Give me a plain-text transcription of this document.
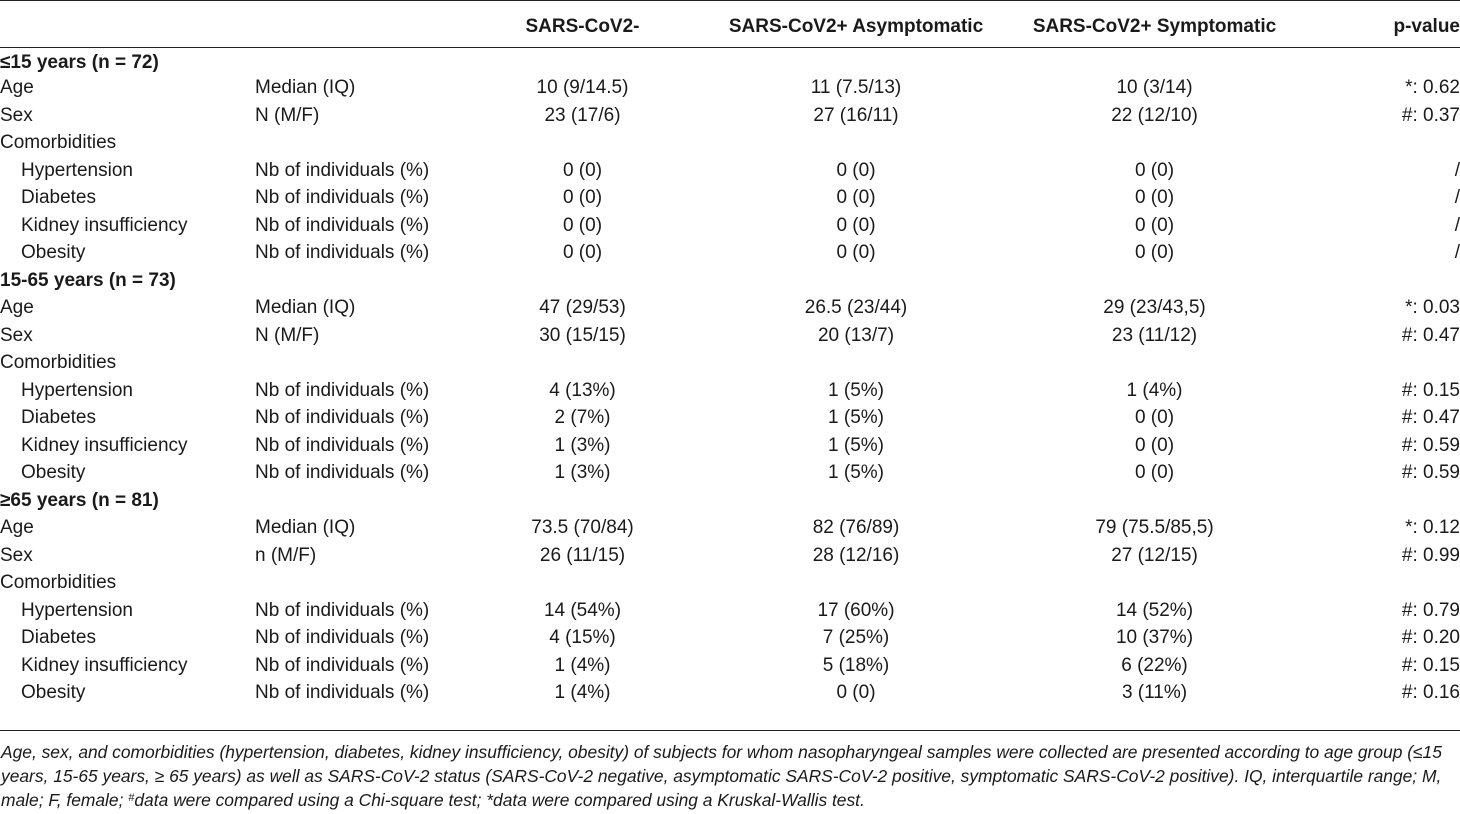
		SARS-CoV2-	SARS-CoV2+ Asymptomatic	SARS-CoV2+ Symptomatic	p-value
≤15 years (n = 72)					
Age	Median (IQ)	10 (9/14.5)	11 (7.5/13)	10 (3/14)	*: 0.62
Sex	N (M/F)	23 (17/6)	27 (16/11)	22 (12/10)	#: 0.37
Comorbidities					
Hypertension	Nb of individuals (%)	0 (0)	0 (0)	0 (0)	/
Diabetes	Nb of individuals (%)	0 (0)	0 (0)	0 (0)	/
Kidney insufficiency	Nb of individuals (%)	0 (0)	0 (0)	0 (0)	/
Obesity	Nb of individuals (%)	0 (0)	0 (0)	0 (0)	/
15-65 years (n = 73)					
Age	Median (IQ)	47 (29/53)	26.5 (23/44)	29 (23/43,5)	*: 0.03
Sex	N (M/F)	30 (15/15)	20 (13/7)	23 (11/12)	#: 0.47
Comorbidities					
Hypertension	Nb of individuals (%)	4 (13%)	1 (5%)	1 (4%)	#: 0.15
Diabetes	Nb of individuals (%)	2 (7%)	1 (5%)	0 (0)	#: 0.47
Kidney insufficiency	Nb of individuals (%)	1 (3%)	1 (5%)	0 (0)	#: 0.59
Obesity	Nb of individuals (%)	1 (3%)	1 (5%)	0 (0)	#: 0.59
≥65 years (n = 81)					
Age	Median (IQ)	73.5 (70/84)	82 (76/89)	79 (75.5/85,5)	*: 0.12
Sex	n (M/F)	26 (11/15)	28 (12/16)	27 (12/15)	#: 0.99
Comorbidities					
Hypertension	Nb of individuals (%)	14 (54%)	17 (60%)	14 (52%)	#: 0.79
Diabetes	Nb of individuals (%)	4 (15%)	7 (25%)	10 (37%)	#: 0.20
Kidney insufficiency	Nb of individuals (%)	1 (4%)	5 (18%)	6 (22%)	#: 0.15
Obesity	Nb of individuals (%)	1 (4%)	0 (0)	3 (11%)	#: 0.16
Age, sex, and comorbidities (hypertension, diabetes, kidney insufficiency, obesity) of subjects for whom nasopharyngeal samples were collected are presented according to age group (≤15 years, 15-65 years, ≥ 65 years) as well as SARS-CoV-2 status (SARS-CoV-2 negative, asymptomatic SARS-CoV-2 positive, symptomatic SARS-CoV-2 positive). IQ, interquartile range; M, male; F, female; #data were compared using a Chi-square test; *data were compared using a Kruskal-Wallis test.
